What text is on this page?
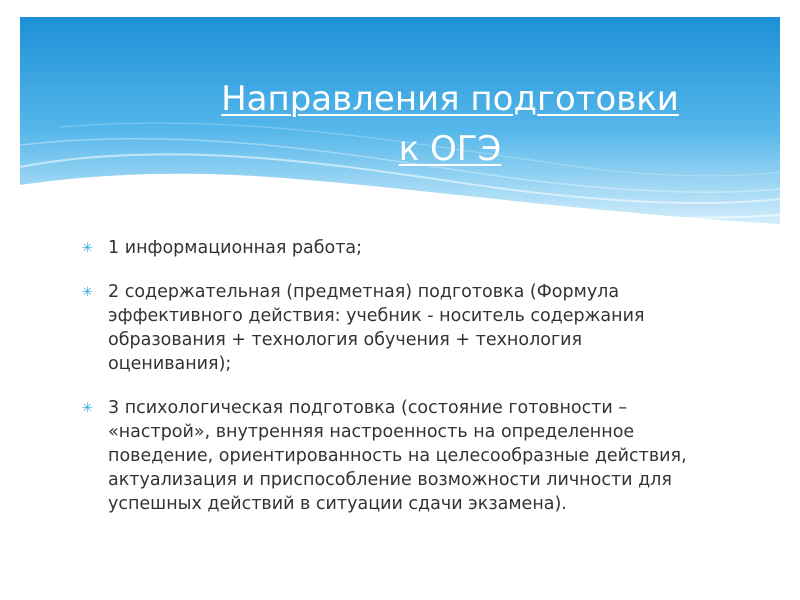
Направления подготовки
к ОГЭ
✳ 1 информационная работа;
✳ 2 содержательная (предметная) подготовка (Формула эффективного действия: учебник - носитель содержания образования + технология обучения + технология оценивания);
✳ 3 психологическая подготовка (состояние готовности – «настрой», внутренняя настроенность на определенное поведение, ориентированность на целесообразные действия, актуализация и приспособление возможности личности для успешных действий в ситуации сдачи экзамена).
